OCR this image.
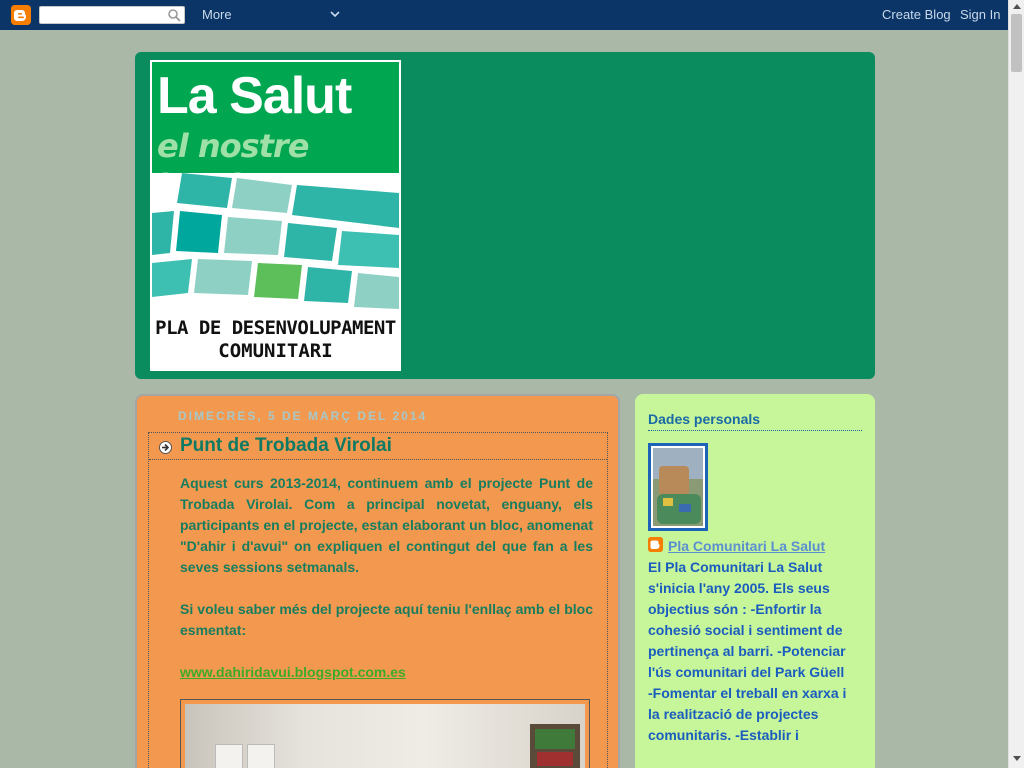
More	Create Blog Sign In
La Salut
el nostre
PLA DE DESENVOLUPAMENT
COMUNITARI
DIMECRES, 5 DE MARÇ DEL 2014
Punt de Trobada Virolai

Aquest curs 2013-2014, continuem amb el projecte Punt de Trobada Virolai. Com a principal novetat, enguany, els participants en el projecte, estan elaborant un bloc, anomenat "D'ahir i d'avui" on expliquen el contingut del que fan a les seves sessions setmanals.

Si voleu saber més del projecte aquí teniu l'enllaç amb el bloc esmentat:

www.dahiridavui.blogspot.com.es

Dades personals
Pla Comunitari La Salut
El Pla Comunitari La Salut s'inicia l'any 2005. Els seus objectius són : -Enfortir la cohesió social i sentiment de pertinença al barri. -Potenciar l'ús comunitari del Park Güell -Fomentar el treball en xarxa i la realització de projectes comunitaris. -Establir i
